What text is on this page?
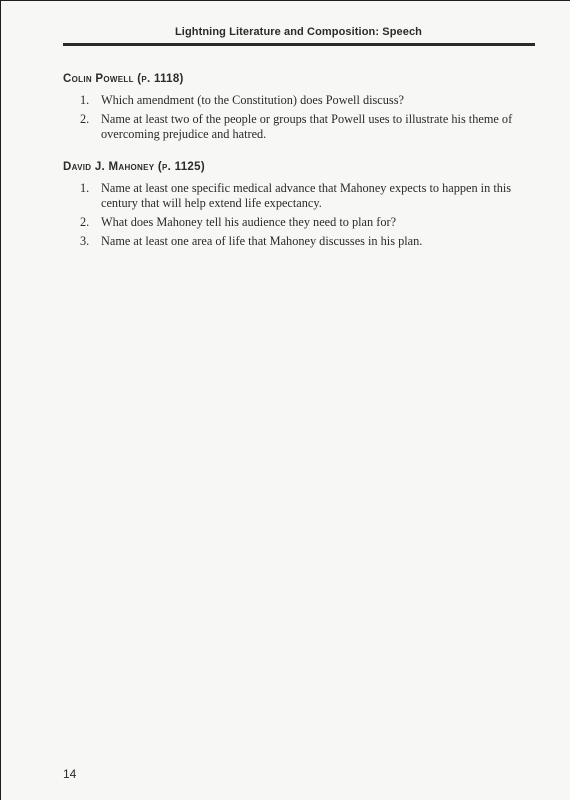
Lightning Literature and Composition: Speech
Colin Powell (p. 1118)
1. Which amendment (to the Constitution) does Powell discuss?
2. Name at least two of the people or groups that Powell uses to illustrate his theme of overcoming prejudice and hatred.
David J. Mahoney (p. 1125)
1. Name at least one specific medical advance that Mahoney expects to happen in this century that will help extend life expectancy.
2. What does Mahoney tell his audience they need to plan for?
3. Name at least one area of life that Mahoney discusses in his plan.
14
